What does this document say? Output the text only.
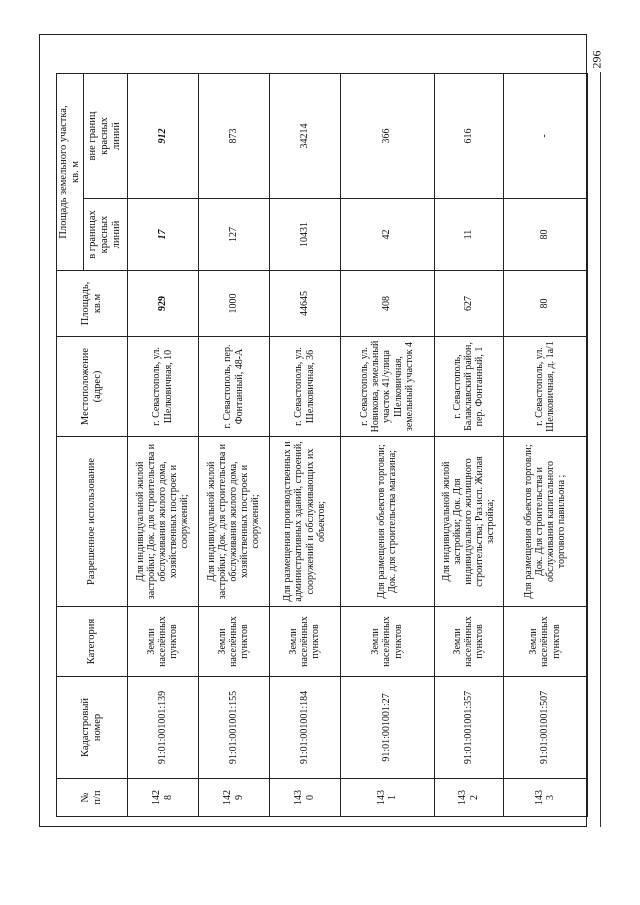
296
№
п/п	Кадастровый
номер	Категория	Разрешенное использование	Местоположение
(адрес)	Площадь,
кв.м	Площадь земельного участка,
кв. м	
						в границах
красных
линий	вне границ
красных
линий
142
8	91:01:001001:139	Земли
населённых
пунктов	Для индивидуальной жилой застройки; Док. для строительства и обслуживания жилого дома, хозяйственных построек и сооружений;	г. Севастополь, ул. Шелковичная, 10	929	17	912
142
9	91:01:001001:155	Земли
населённых
пунктов	Для индивидуальной жилой застройки; Док. для строительства и обслуживания жилого дома, хозяйственных построек и сооружений;	г. Севастополь, пер. Фонтанный, 48-А	1000	127	873
143
0	91:01:001001:184	Земли
населённых
пунктов	Для размещения производственных и административных зданий, строений, сооружений и обслуживающих их объектов;	г. Севастополь, ул. Шелковичная, 36	44645	10431	34214
143
1	91:01:001001:27	Земли
населённых
пунктов	Для размещения объектов торговли; Док. для строительства магазина;	г. Севастополь, ул. Новикова, земельный участок 41/улица Шелковичная, земельный участок 4	408	42	366
143
2	91:01:001001:357	Земли
населённых
пунктов	Для индивидуальной жилой застройки; Док. Для индивидуального жилищного строительства; Раз.исп. Жилая застройка;	г. Севастополь, Балаклавский район, пер. Фонтанный, 1	627	11	616
143
3	91:01:001001:507	Земли
населённых
пунктов	Для размещения объектов торговли; Док. Для строительства и обслуживания капитального торгового павильона ;	г. Севастополь, ул. Шелковичная, д. 1а/1	80	80	-
